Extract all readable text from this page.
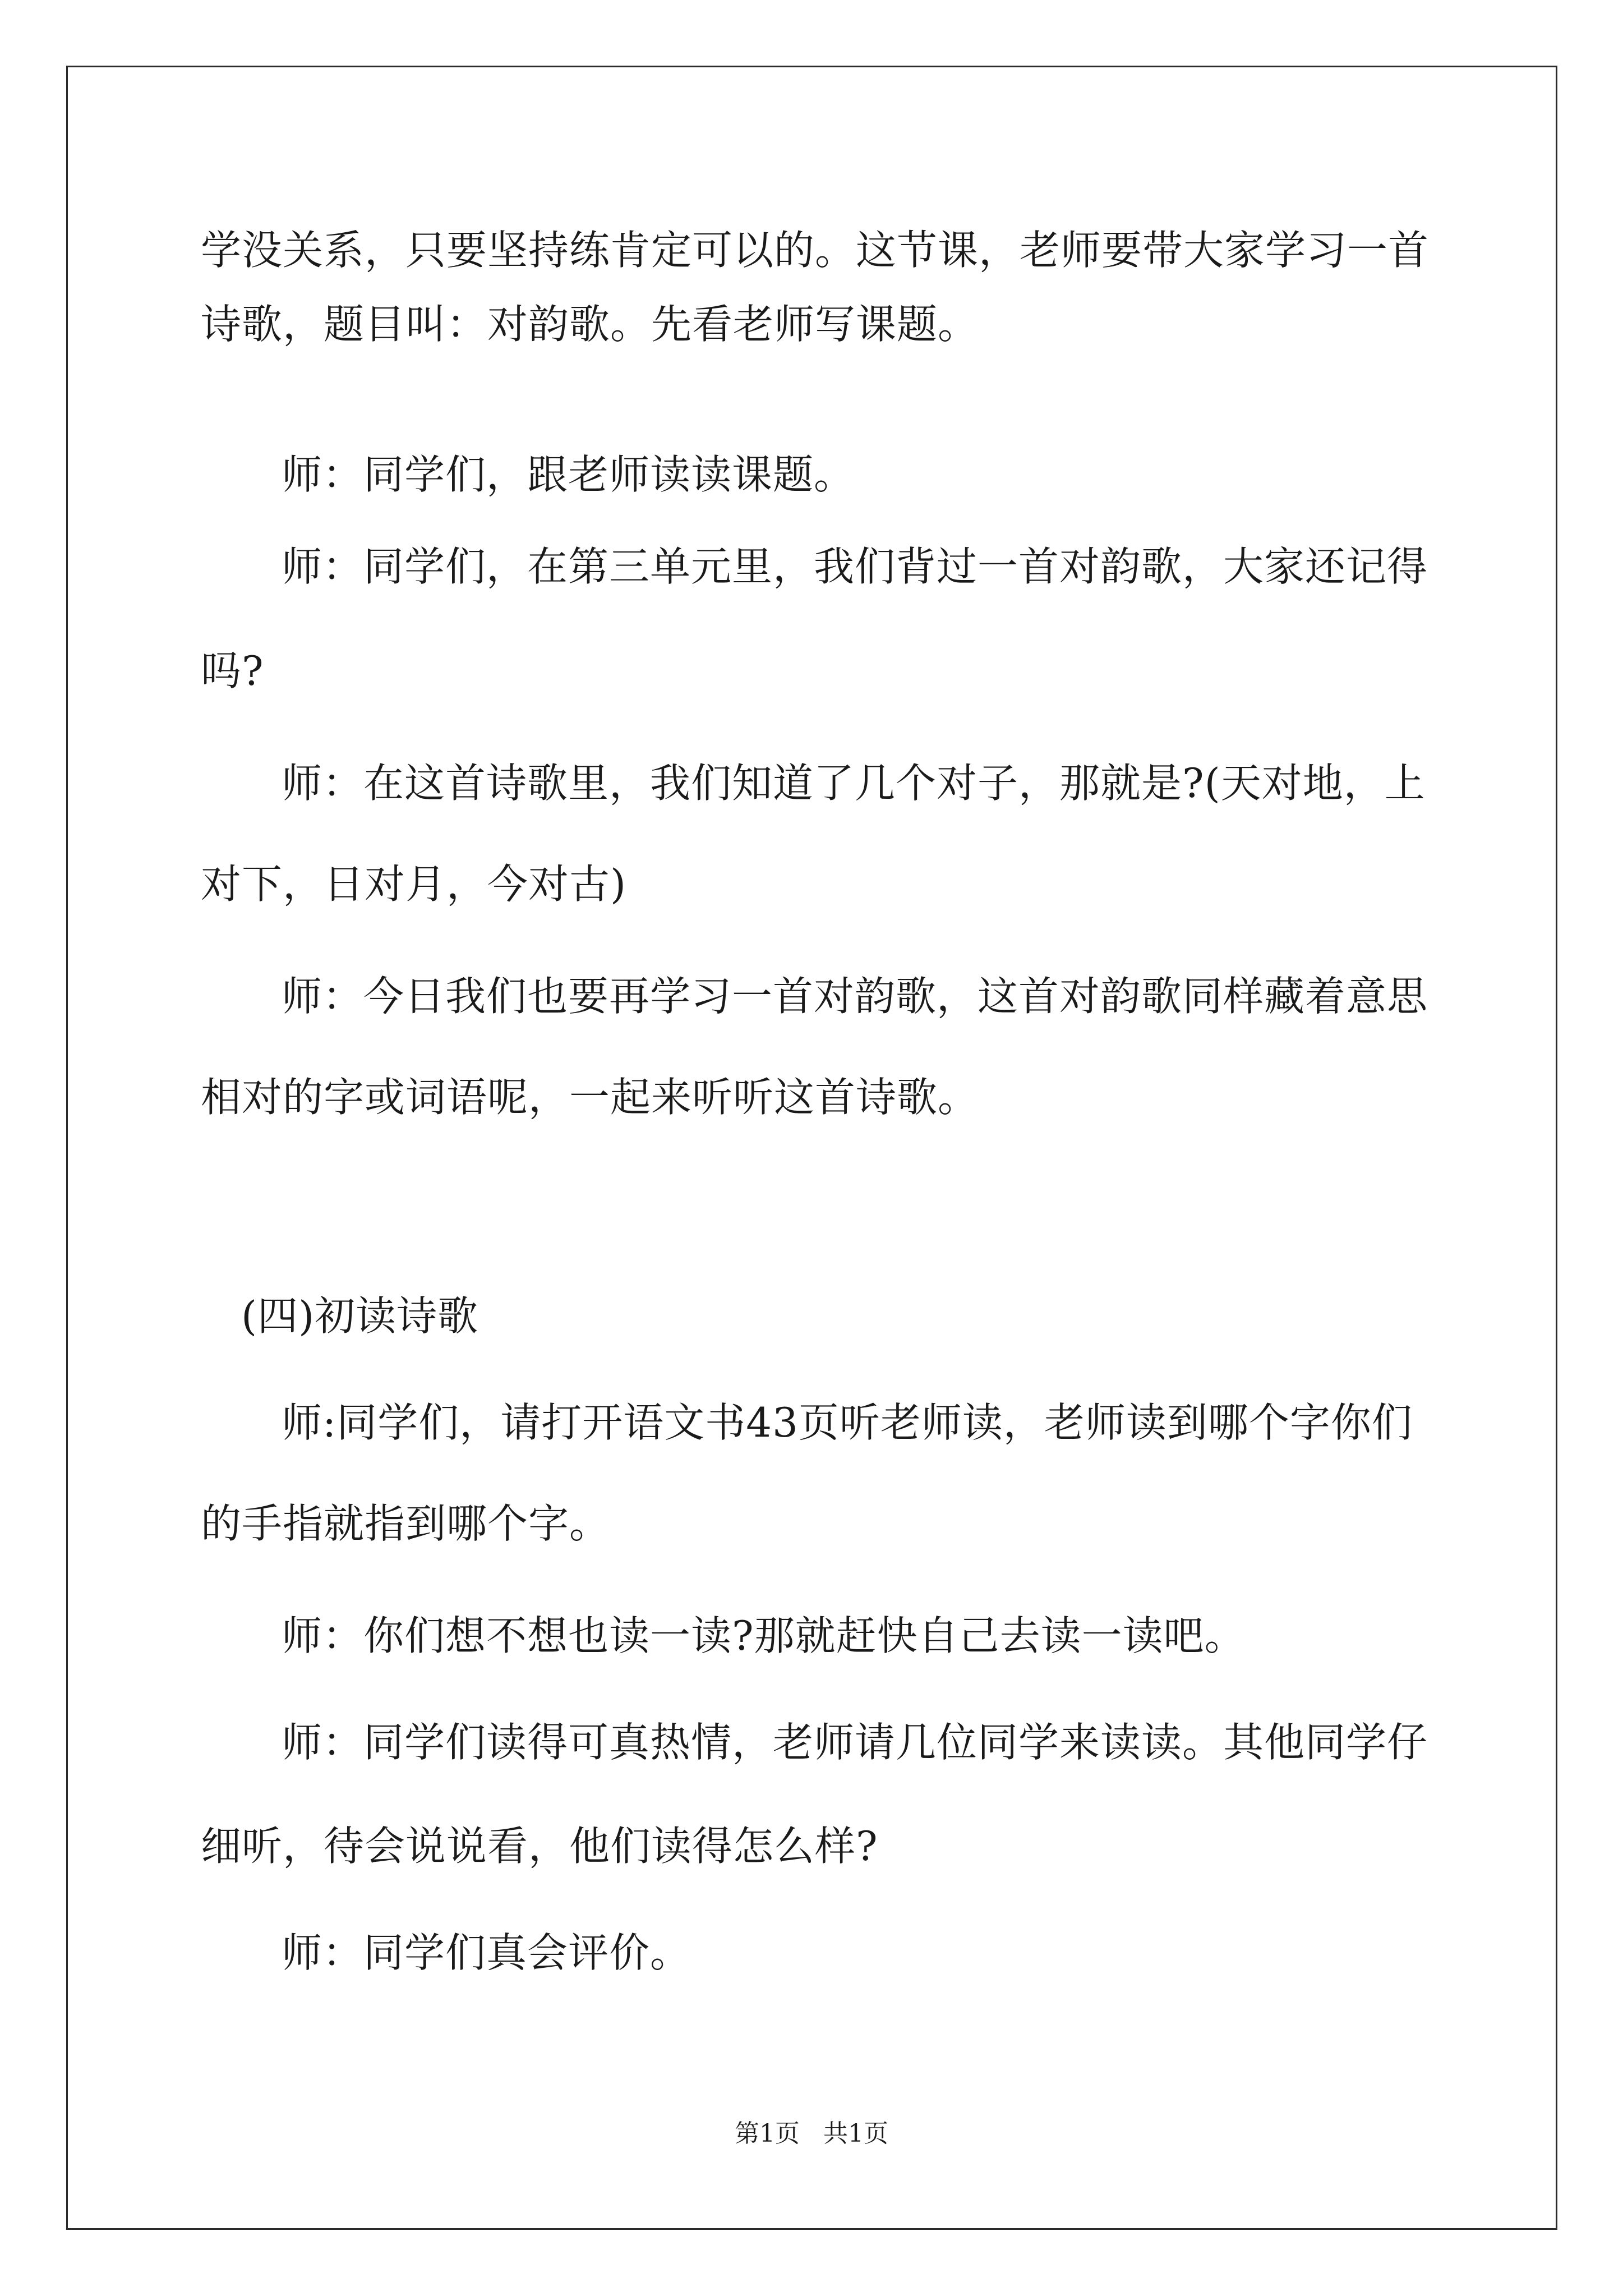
学没关系，只要坚持练肯定可以的。这节课，老师要带大家学习一首
诗歌，题目叫：对韵歌。先看老师写课题。
师：同学们，跟老师读读课题。
师：同学们，在第三单元里，我们背过一首对韵歌，大家还记得
吗?
师：在这首诗歌里，我们知道了几个对子，那就是?(天对地，上
对下，日对月，今对古)
师：今日我们也要再学习一首对韵歌，这首对韵歌同样藏着意思
相对的字或词语呢，一起来听听这首诗歌。
(四)初读诗歌
师:同学们，请打开语文书43页听老师读，老师读到哪个字你们
的手指就指到哪个字。
师：你们想不想也读一读?那就赶快自己去读一读吧。
师：同学们读得可真热情，老师请几位同学来读读。其他同学仔
细听，待会说说看，他们读得怎么样?
师：同学们真会评价。
第1页   共1页
